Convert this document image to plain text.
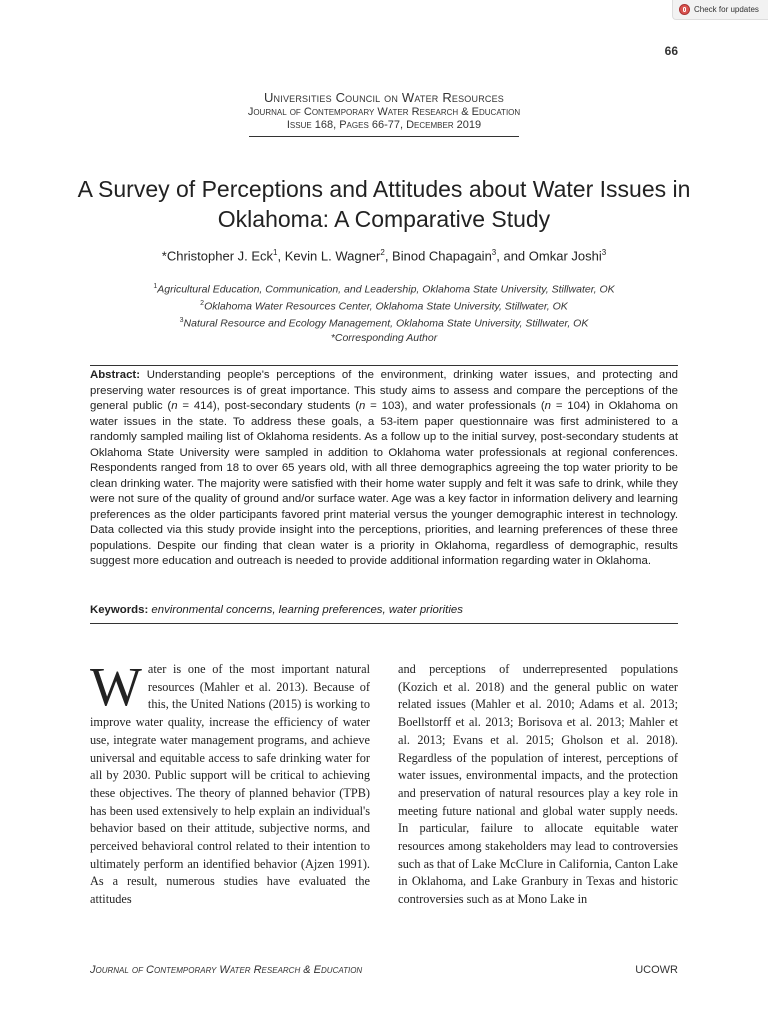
Check for updates
66
Universities Council on Water Resources
Journal of Contemporary Water Research & Education
Issue 168, Pages 66-77, December 2019
A Survey of Perceptions and Attitudes about Water Issues in Oklahoma: A Comparative Study
*Christopher J. Eck$^1$, Kevin L. Wagner$^2$, Binod Chapagain$^3$, and Omkar Joshi$^3$
$^1$Agricultural Education, Communication, and Leadership, Oklahoma State University, Stillwater, OK
$^2$Oklahoma Water Resources Center, Oklahoma State University, Stillwater, OK
$^3$Natural Resource and Ecology Management, Oklahoma State University, Stillwater, OK
*Corresponding Author
Abstract: Understanding people's perceptions of the environment, drinking water issues, and protecting and preserving water resources is of great importance. This study aims to assess and compare the perceptions of the general public (n = 414), post-secondary students (n = 103), and water professionals (n = 104) in Oklahoma on water issues in the state. To address these goals, a 53-item paper questionnaire was first administered to a randomly sampled mailing list of Oklahoma residents. As a follow up to the initial survey, post-secondary students at Oklahoma State University were sampled in addition to Oklahoma water professionals at regional conferences. Respondents ranged from 18 to over 65 years old, with all three demographics agreeing the top water priority to be clean drinking water. The majority were satisfied with their home water supply and felt it was safe to drink, while they were not sure of the quality of ground and/or surface water. Age was a key factor in information delivery and learning preferences as the older participants favored print material versus the younger demographic interest in technology. Data collected via this study provide insight into the perceptions, priorities, and learning preferences of these three populations. Despite our finding that clean water is a priority in Oklahoma, regardless of demographic, results suggest more education and outreach is needed to provide additional information regarding water in Oklahoma.
Keywords: environmental concerns, learning preferences, water priorities
Water is one of the most important natural resources (Mahler et al. 2013). Because of this, the United Nations (2015) is working to improve water quality, increase the efficiency of water use, integrate water management programs, and achieve universal and equitable access to safe drinking water for all by 2030. Public support will be critical to achieving these objectives. The theory of planned behavior (TPB) has been used extensively to help explain an individual's behavior based on their attitude, subjective norms, and perceived behavioral control related to their intention to ultimately perform an identified behavior (Ajzen 1991). As a result, numerous studies have evaluated the attitudes
and perceptions of underrepresented populations (Kozich et al. 2018) and the general public on water related issues (Mahler et al. 2010; Adams et al. 2013; Boellstorff et al. 2013; Borisova et al. 2013; Mahler et al. 2013; Evans et al. 2015; Gholson et al. 2018). Regardless of the population of interest, perceptions of water issues, environmental impacts, and the protection and preservation of natural resources play a key role in meeting future national and global water supply needs. In particular, failure to allocate equitable water resources among stakeholders may lead to controversies such as that of Lake McClure in California, Canton Lake in Oklahoma, and Lake Granbury in Texas and historic controversies such as at Mono Lake in
Journal of Contemporary Water Research & Education	UCOWR
